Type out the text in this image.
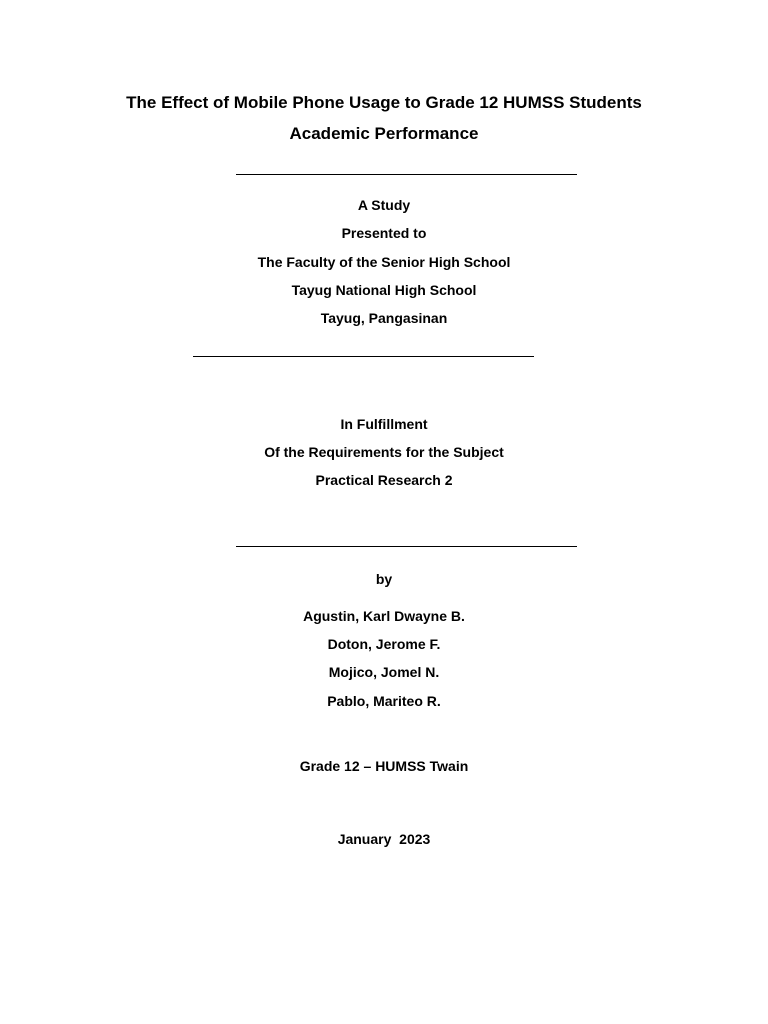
The Effect of Mobile Phone Usage to Grade 12 HUMSS Students
Academic Performance
A Study
Presented to
The Faculty of the Senior High School
Tayug National High School
Tayug, Pangasinan
In Fulfillment
Of the Requirements for the Subject
Practical Research 2
by
Agustin, Karl Dwayne B.
Doton, Jerome F.
Mojico, Jomel N.
Pablo, Mariteo R.
Grade 12 – HUMSS Twain
January  2023
